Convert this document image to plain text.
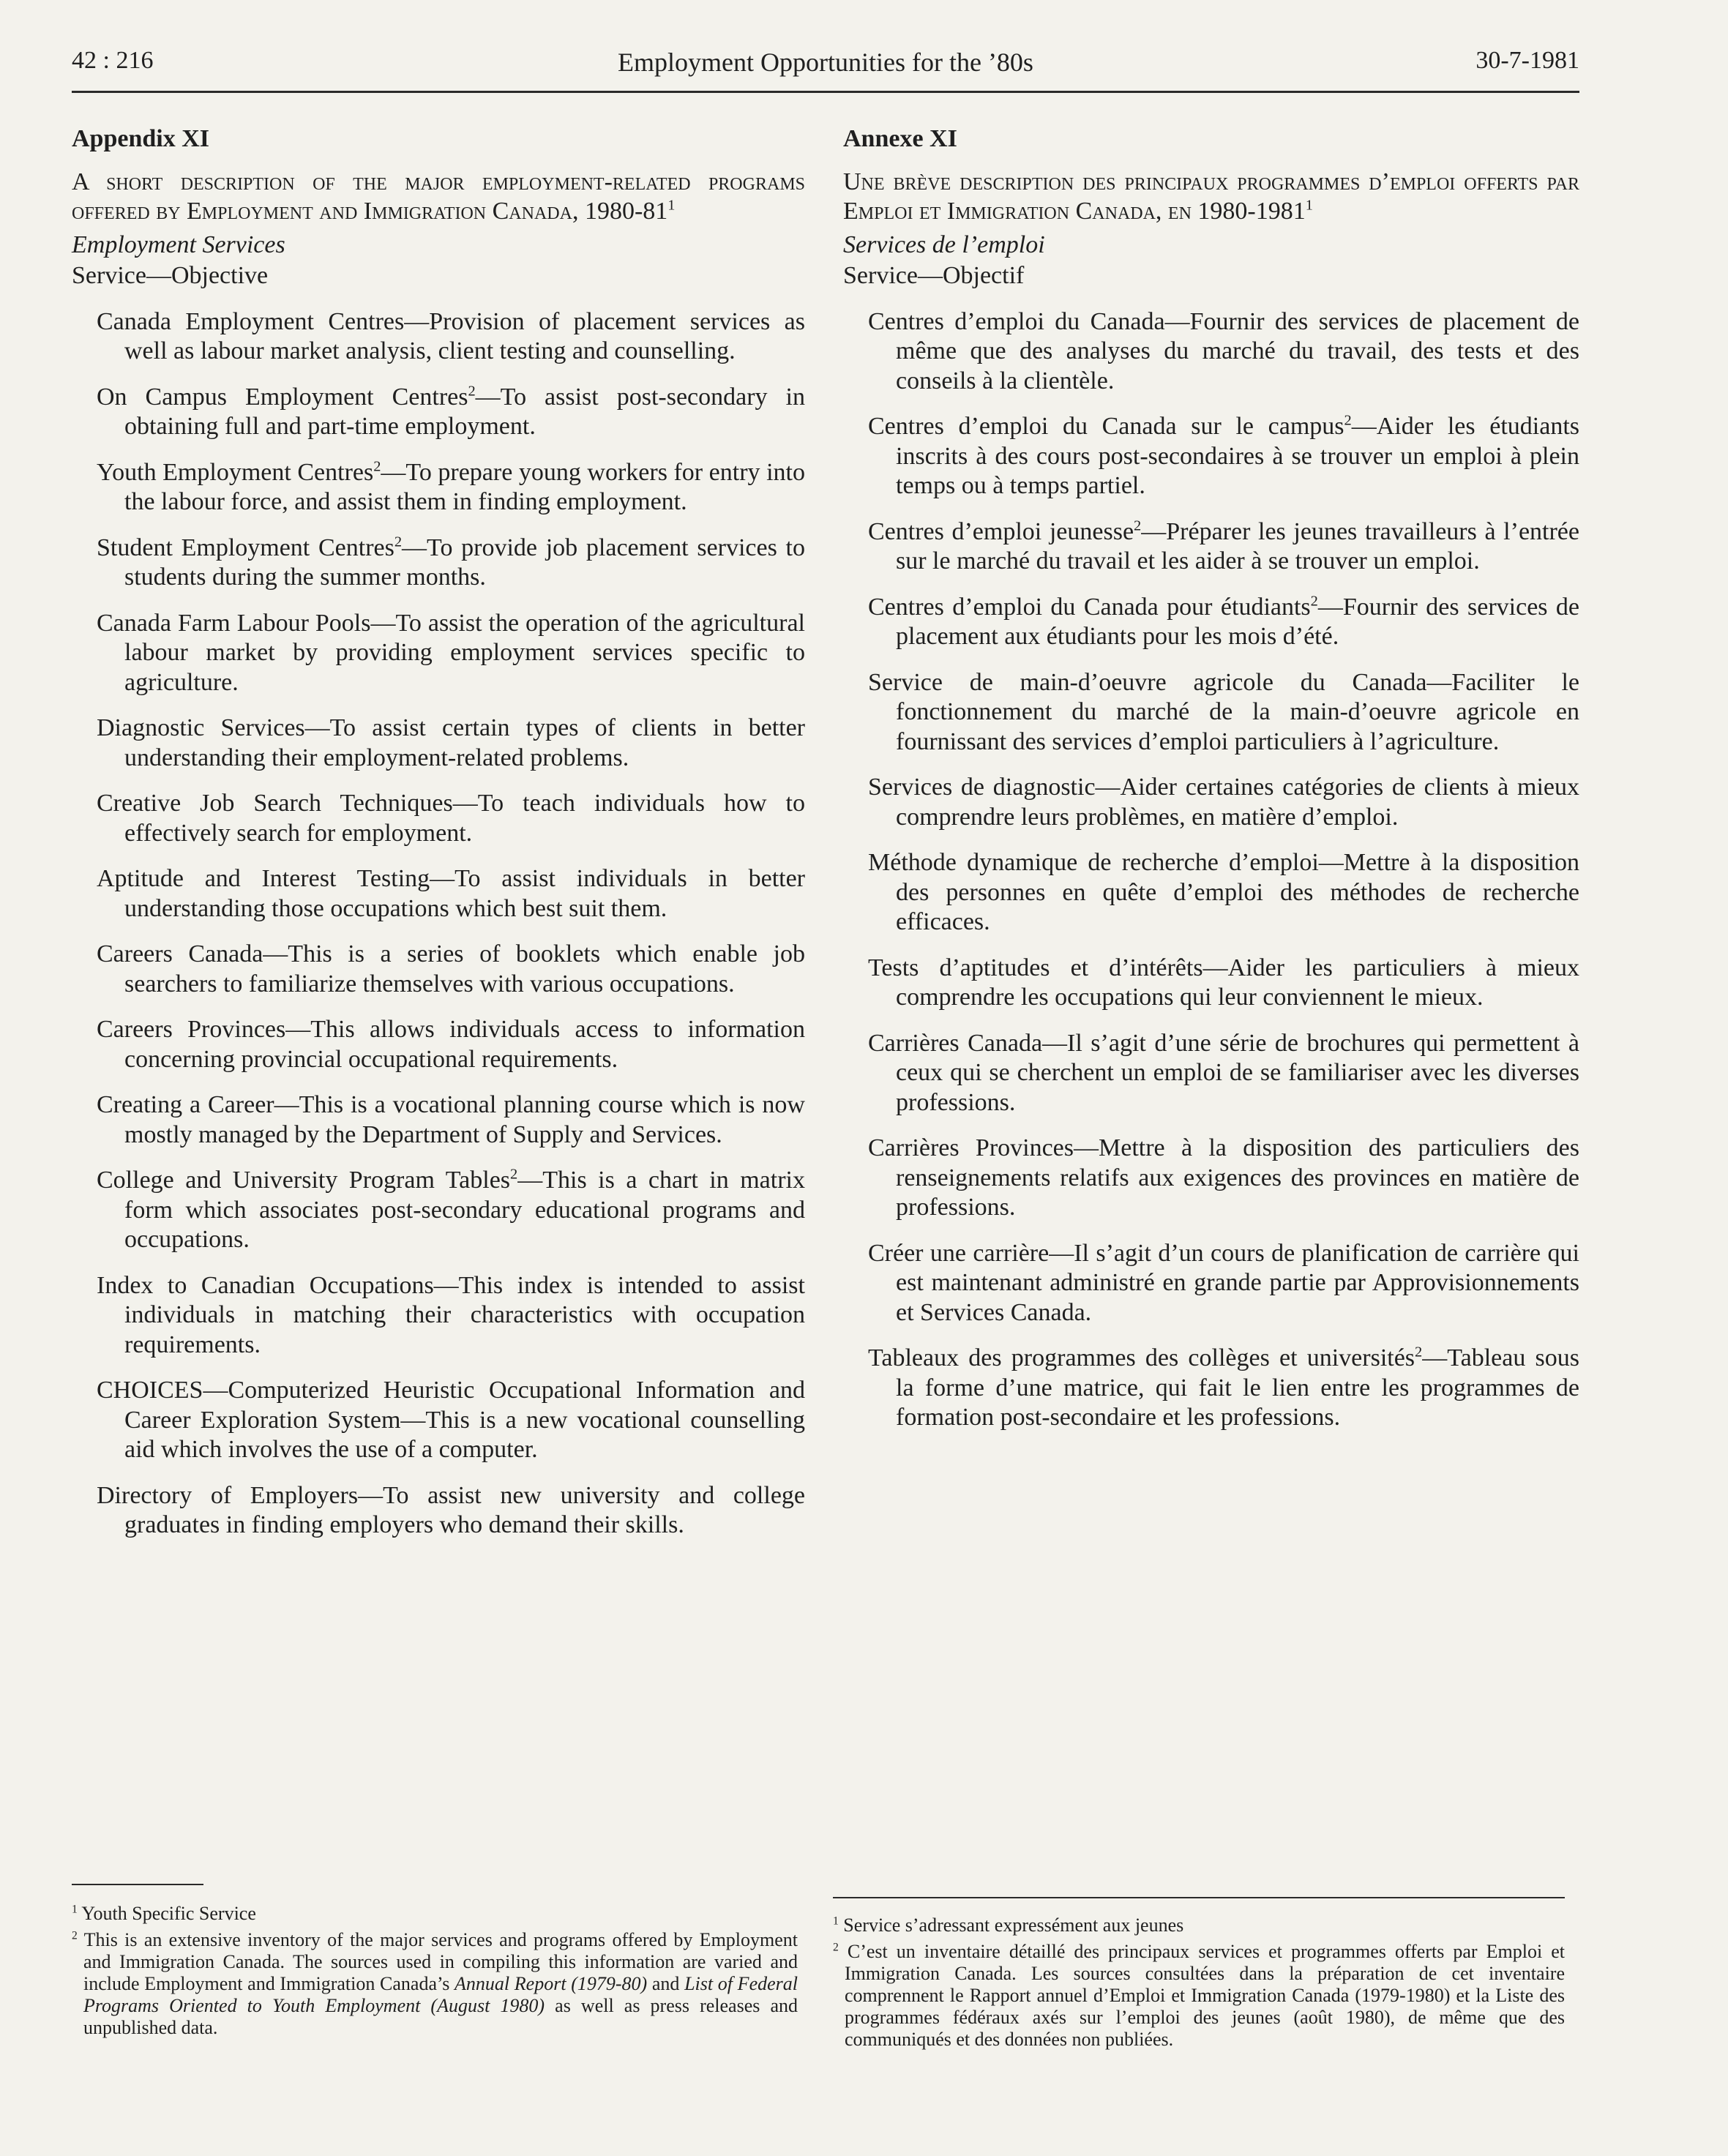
42 : 216	Employment Opportunities for the ’80s	30-7-1981
Appendix XI
A short description of the major employment-related programs offered by Employment and Immigration Canada, $1980-81^1$
Employment Services
Service—Objective
Canada Employment Centres—Provision of placement services as well as labour market analysis, client testing and counselling.
On Campus Employment Centres$^2$—To assist post-secondary in obtaining full and part-time employment.
Youth Employment Centres$^2$—To prepare young workers for entry into the labour force, and assist them in finding employment.
Student Employment Centres$^2$—To provide job placement services to students during the summer months.
Canada Farm Labour Pools—To assist the operation of the agricultural labour market by providing employment services specific to agriculture.
Diagnostic Services—To assist certain types of clients in better understanding their employment-related problems.
Creative Job Search Techniques—To teach individuals how to effectively search for employment.
Aptitude and Interest Testing—To assist individuals in better understanding those occupations which best suit them.
Careers Canada—This is a series of booklets which enable job searchers to familiarize themselves with various occupations.
Careers Provinces—This allows individuals access to information concerning provincial occupational requirements.
Creating a Career—This is a vocational planning course which is now mostly managed by the Department of Supply and Services.
College and University Program Tables$^2$—This is a chart in matrix form which associates post-secondary educational programs and occupations.
Index to Canadian Occupations—This index is intended to assist individuals in matching their characteristics with occupation requirements.
CHOICES—Computerized Heuristic Occupational Information and Career Exploration System—This is a new vocational counselling aid which involves the use of a computer.
Directory of Employers—To assist new university and college graduates in finding employers who demand their skills.
Annexe XI
Une brève description des principaux programmes d’emploi offerts par Emploi et Immigration Canada, en 1980-1981$^1$
Services de l’emploi
Service—Objectif
Centres d’emploi du Canada—Fournir des services de placement de même que des analyses du marché du travail, des tests et des conseils à la clientèle.
Centres d’emploi du Canada sur le campus$^2$—Aider les étudiants inscrits à des cours post-secondaires à se trouver un emploi à plein temps ou à temps partiel.
Centres d’emploi jeunesse$^2$—Préparer les jeunes travailleurs à l’entrée sur le marché du travail et les aider à se trouver un emploi.
Centres d’emploi du Canada pour étudiants$^2$—Fournir des services de placement aux étudiants pour les mois d’été.
Service de main-d’oeuvre agricole du Canada—Faciliter le fonctionnement du marché de la main-d’oeuvre agricole en fournissant des services d’emploi particuliers à l’agriculture.
Services de diagnostic—Aider certaines catégories de clients à mieux comprendre leurs problèmes, en matière d’emploi.
Méthode dynamique de recherche d’emploi—Mettre à la disposition des personnes en quête d’emploi des méthodes de recherche efficaces.
Tests d’aptitudes et d’intérêts—Aider les particuliers à mieux comprendre les occupations qui leur conviennent le mieux.
Carrières Canada—Il s’agit d’une série de brochures qui permettent à ceux qui se cherchent un emploi de se familiariser avec les diverses professions.
Carrières Provinces—Mettre à la disposition des particuliers des renseignements relatifs aux exigences des provinces en matière de professions.
Créer une carrière—Il s’agit d’un cours de planification de carrière qui est maintenant administré en grande partie par Approvisionnements et Services Canada.
Tableaux des programmes des collèges et universités$^2$—Tableau sous la forme d’une matrice, qui fait le lien entre les programmes de formation post-secondaire et les professions.
$^1$ Youth Specific Service
$^2$ This is an extensive inventory of the major services and programs offered by Employment and Immigration Canada. The sources used in compiling this information are varied and include Employment and Immigration Canada’s Annual Report (1979-80) and List of Federal Programs Oriented to Youth Employment (August 1980) as well as press releases and unpublished data.
$^1$ Service s’adressant expressément aux jeunes
$^2$ C’est un inventaire détaillé des principaux services et programmes offerts par Emploi et Immigration Canada. Les sources consultées dans la préparation de cet inventaire comprennent le Rapport annuel d’Emploi et Immigration Canada (1979-1980) et la Liste des programmes fédéraux axés sur l’emploi des jeunes (août 1980), de même que des communiqués et des données non publiées.
